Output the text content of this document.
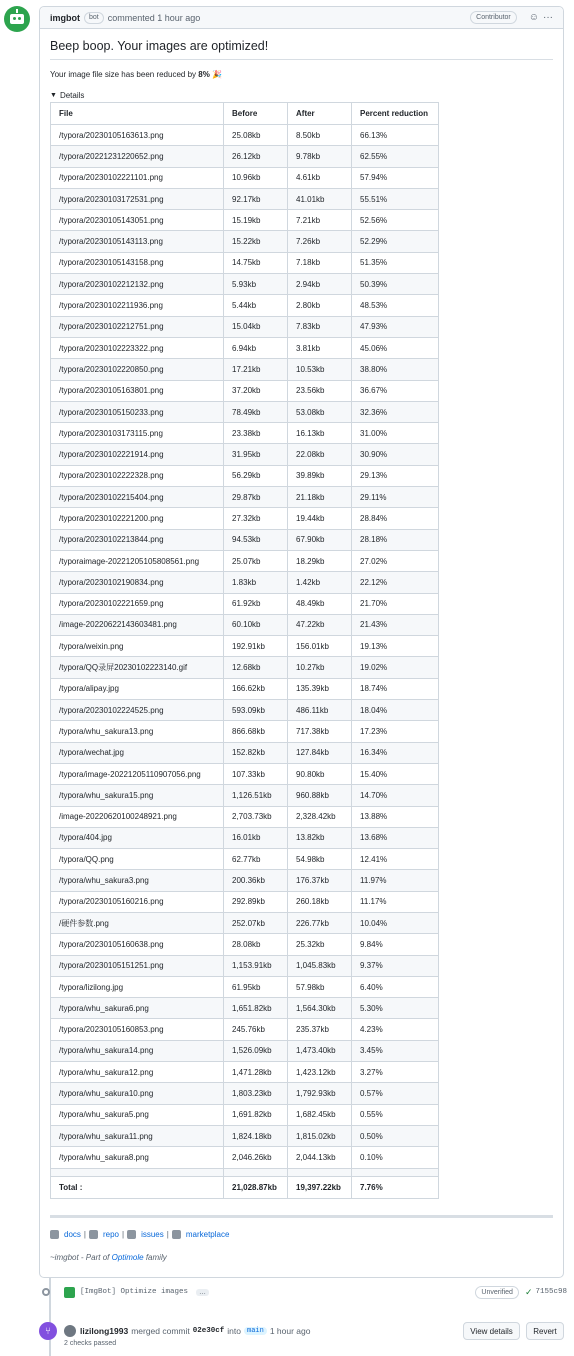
imgbot	bot	commented 1 hour ago	Contributor	☺ ···
Beep boop. Your images are optimized!

Your image file size has been reduced by 8% 🎉

▼ Details
File	Before	After	Percent reduction
/typora/20230105163613.png	25.08kb	8.50kb	66.13%
/typora/20221231220652.png	26.12kb	9.78kb	62.55%
/typora/20230102221101.png	10.96kb	4.61kb	57.94%
/typora/20230103172531.png	92.17kb	41.01kb	55.51%
/typora/20230105143051.png	15.19kb	7.21kb	52.56%
/typora/20230105143113.png	15.22kb	7.26kb	52.29%
/typora/20230105143158.png	14.75kb	7.18kb	51.35%
/typora/20230102212132.png	5.93kb	2.94kb	50.39%
/typora/20230102211936.png	5.44kb	2.80kb	48.53%
/typora/20230102212751.png	15.04kb	7.83kb	47.93%
/typora/20230102223322.png	6.94kb	3.81kb	45.06%
/typora/20230102220850.png	17.21kb	10.53kb	38.80%
/typora/20230105163801.png	37.20kb	23.56kb	36.67%
/typora/20230105150233.png	78.49kb	53.08kb	32.36%
/typora/20230103173115.png	23.38kb	16.13kb	31.00%
/typora/20230102221914.png	31.95kb	22.08kb	30.90%
/typora/20230102222328.png	56.29kb	39.89kb	29.13%
/typora/20230102215404.png	29.87kb	21.18kb	29.11%
/typora/20230102221200.png	27.32kb	19.44kb	28.84%
/typora/20230102213844.png	94.53kb	67.90kb	28.18%
/typoraimage-20221205105808561.png	25.07kb	18.29kb	27.02%
/typora/20230102190834.png	1.83kb	1.42kb	22.12%
/typora/20230102221659.png	61.92kb	48.49kb	21.70%
/image-20220622143603481.png	60.10kb	47.22kb	21.43%
/typora/weixin.png	192.91kb	156.01kb	19.13%
/typora/QQ录屏20230102223140.gif	12.68kb	10.27kb	19.02%
/typora/alipay.jpg	166.62kb	135.39kb	18.74%
/typora/20230102224525.png	593.09kb	486.11kb	18.04%
/typora/whu_sakura13.png	866.68kb	717.38kb	17.23%
/typora/wechat.jpg	152.82kb	127.84kb	16.34%
/typora/image-20221205110907056.png	107.33kb	90.80kb	15.40%
/typora/whu_sakura15.png	1,126.51kb	960.88kb	14.70%
/image-20220620100248921.png	2,703.73kb	2,328.42kb	13.88%
/typora/404.jpg	16.01kb	13.82kb	13.68%
/typora/QQ.png	62.77kb	54.98kb	12.41%
/typora/whu_sakura3.png	200.36kb	176.37kb	11.97%
/typora/20230105160216.png	292.89kb	260.18kb	11.17%
/硬件参数.png	252.07kb	226.77kb	10.04%
/typora/20230105160638.png	28.08kb	25.32kb	9.84%
/typora/20230105151251.png	1,153.91kb	1,045.83kb	9.37%
/typora/lizilong.jpg	61.95kb	57.98kb	6.40%
/typora/whu_sakura6.png	1,651.82kb	1,564.30kb	5.30%
/typora/20230105160853.png	245.76kb	235.37kb	4.23%
/typora/whu_sakura14.png	1,526.09kb	1,473.40kb	3.45%
/typora/whu_sakura12.png	1,471.28kb	1,423.12kb	3.27%
/typora/whu_sakura10.png	1,803.23kb	1,792.93kb	0.57%
/typora/whu_sakura5.png	1,691.82kb	1,682.45kb	0.55%
/typora/whu_sakura11.png	1,824.18kb	1,815.02kb	0.50%
/typora/whu_sakura8.png	2,046.26kb	2,044.13kb	0.10%

Total :	21,028.87kb	19,397.22kb	7.76%
docs | repo | issues | marketplace

~imgbot - Part of Optimole family

[ImgBot] Optimize images	…	Unverified	✓ 7155c98
⑂	lizilong1993 merged commit 02e30cf into main 1 hour ago
2 checks passed
View details	Revert
